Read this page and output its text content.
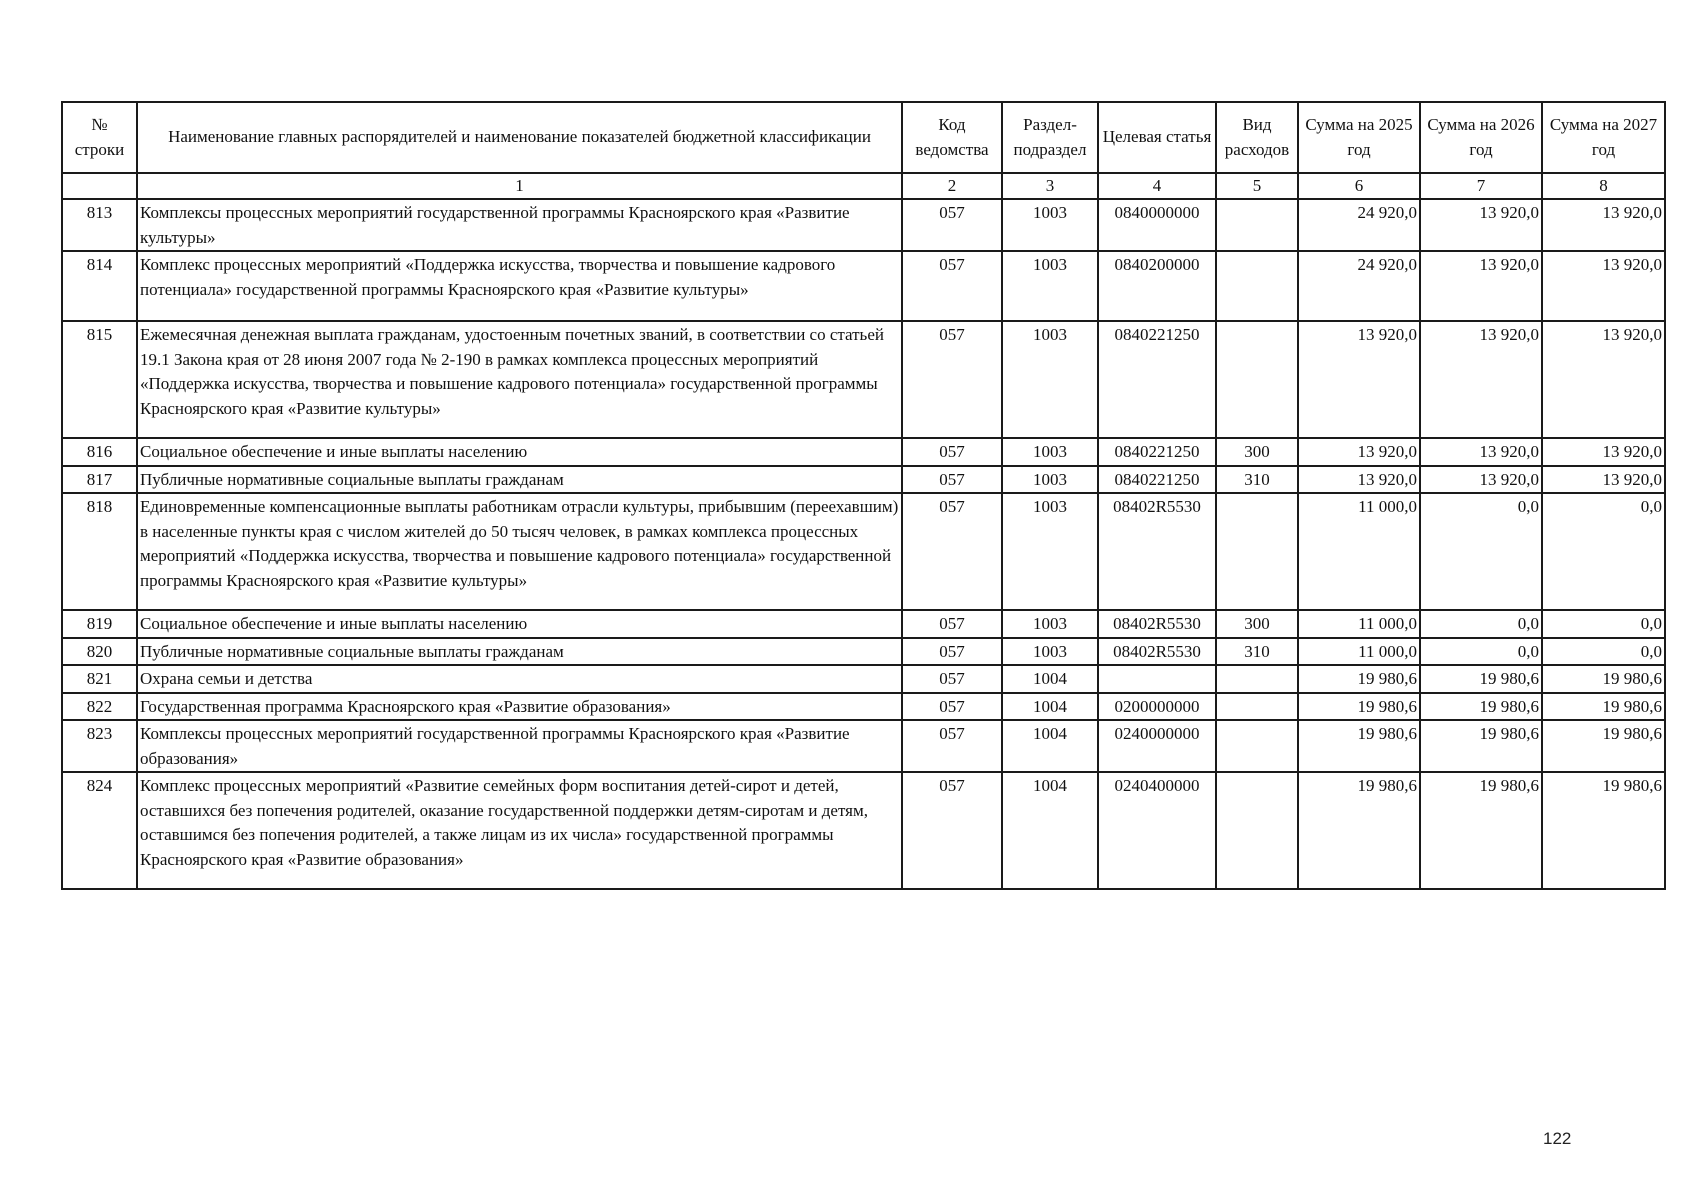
№ строки	Наименование главных распорядителей и наименование показателей бюджетной классификации	Код ведомства	Раздел-подраздел	Целевая статья	Вид расходов	Сумма на 2025 год	Сумма на 2026 год	Сумма на 2027 год
	1	2	3	4	5	6	7	8
813	Комплексы процессных мероприятий государственной программы Красноярского края «Развитие культуры»	057	1003	0840000000		24 920,0	13 920,0	13 920,0
814	Комплекс процессных мероприятий «Поддержка искусства, творчества и повышение кадрового потенциала» государственной программы Красноярского края «Развитие культуры»	057	1003	0840200000		24 920,0	13 920,0	13 920,0
815	Ежемесячная денежная выплата гражданам, удостоенным почетных званий, в соответствии со статьей 19.1 Закона края от 28 июня 2007 года № 2-190 в рамках комплекса процессных мероприятий «Поддержка искусства, творчества и повышение кадрового потенциала» государственной программы Красноярского края «Развитие культуры»	057	1003	0840221250		13 920,0	13 920,0	13 920,0
816	Социальное обеспечение и иные выплаты населению	057	1003	0840221250	300	13 920,0	13 920,0	13 920,0
817	Публичные нормативные социальные выплаты гражданам	057	1003	0840221250	310	13 920,0	13 920,0	13 920,0
818	Единовременные компенсационные выплаты работникам отрасли культуры, прибывшим (переехавшим) в населенные пункты края с числом жителей до 50 тысяч человек, в рамках комплекса процессных мероприятий «Поддержка искусства, творчества и повышение кадрового потенциала» государственной программы Красноярского края «Развитие культуры»	057	1003	08402R5530		11 000,0	0,0	0,0
819	Социальное обеспечение и иные выплаты населению	057	1003	08402R5530	300	11 000,0	0,0	0,0
820	Публичные нормативные социальные выплаты гражданам	057	1003	08402R5530	310	11 000,0	0,0	0,0
821	Охрана семьи и детства	057	1004			19 980,6	19 980,6	19 980,6
822	Государственная программа Красноярского края «Развитие образования»	057	1004	0200000000		19 980,6	19 980,6	19 980,6
823	Комплексы процессных мероприятий государственной программы Красноярского края «Развитие образования»	057	1004	0240000000		19 980,6	19 980,6	19 980,6
824	Комплекс процессных мероприятий «Развитие семейных форм воспитания детей-сирот и детей, оставшихся без попечения родителей, оказание государственной поддержки детям-сиротам и детям, оставшимся без попечения родителей, а также лицам из их числа» государственной программы Красноярского края «Развитие образования»	057	1004	0240400000		19 980,6	19 980,6	19 980,6
122
